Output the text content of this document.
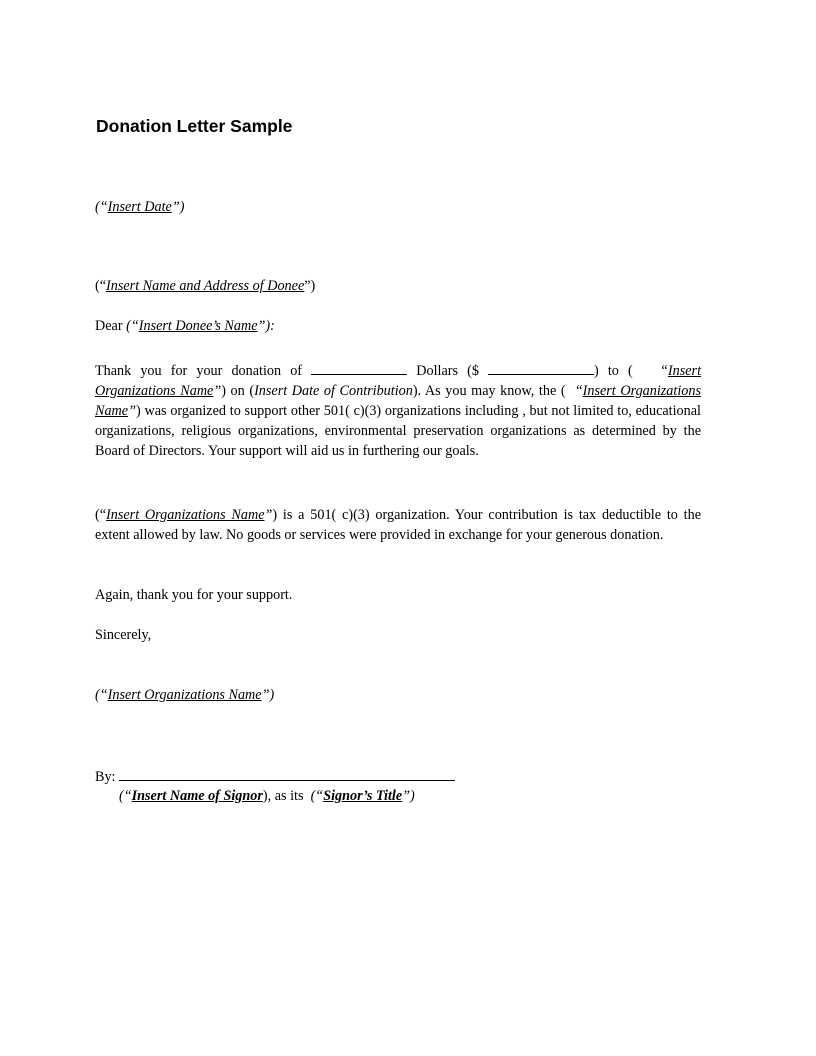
Donation Letter Sample
(“Insert Date”)
(“Insert Name and Address of Donee”)
Dear (“Insert Donee’s Name”):
Thank you for your donation of	Dollars ($	) to ( “Insert Organizations Name”) on (Insert Date of Contribution). As you may know, the ( “Insert Organizations Name”) was organized to support other 501( c)(3) organizations including , but not limited to, educational organizations, religious organizations, environmental preservation organizations as determined by the Board of Directors. Your support will aid us in furthering our goals.
(“Insert Organizations Name”) is a 501( c)(3) organization. Your contribution is tax deductible to the extent allowed by law. No goods or services were provided in exchange for your generous donation.
Again, thank you for your support.
Sincerely,
(“Insert Organizations Name”)
By:
(“Insert Name of Signor), as its (“Signor’s Title”)
